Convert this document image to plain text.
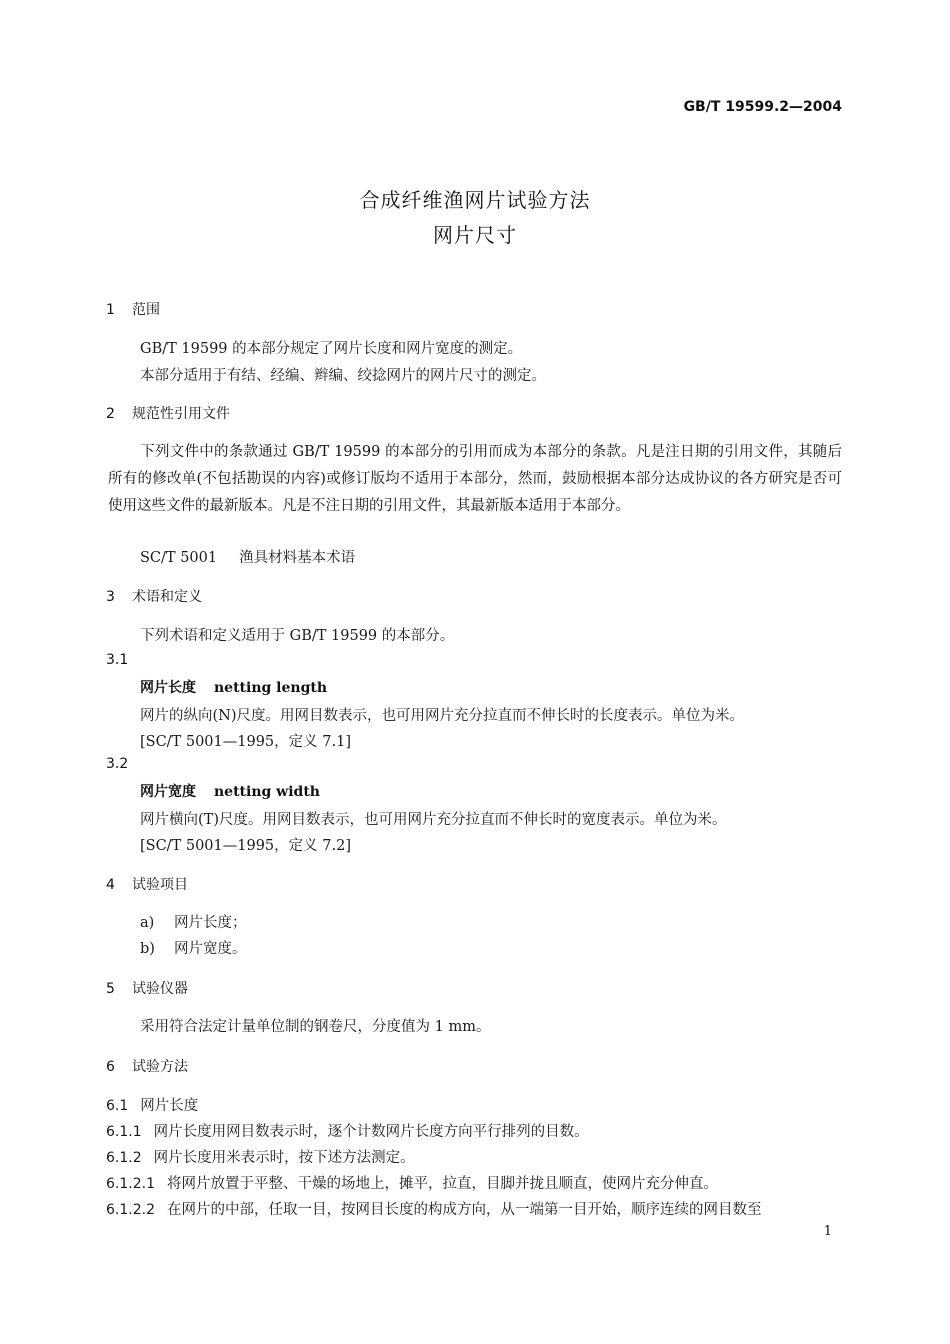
GB/T 19599.2—2004
合成纤维渔网片试验方法
网片尺寸
1 范围
GB/T 19599 的本部分规定了网片长度和网片宽度的测定。
本部分适用于有结、经编、辫编、绞捻网片的网片尺寸的测定。
2 规范性引用文件
下列文件中的条款通过 GB/T 19599 的本部分的引用而成为本部分的条款。凡是注日期的引用文件，其随后所有的修改单(不包括勘误的内容)或修订版均不适用于本部分，然而，鼓励根据本部分达成协议的各方研究是否可使用这些文件的最新版本。凡是不注日期的引用文件，其最新版本适用于本部分。
SC/T 5001 渔具材料基本术语
3 术语和定义
下列术语和定义适用于 GB/T 19599 的本部分。
3.1
网片长度 netting length
网片的纵向(N)尺度。用网目数表示，也可用网片充分拉直而不伸长时的长度表示。单位为米。
[SC/T 5001—1995，定义 7.1]
3.2
网片宽度 netting width
网片横向(T)尺度。用网目数表示，也可用网片充分拉直而不伸长时的宽度表示。单位为米。
[SC/T 5001—1995，定义 7.2]
4 试验项目
a) 网片长度；
b) 网片宽度。
5 试验仪器
采用符合法定计量单位制的钢卷尺，分度值为 1 mm。
6 试验方法
6.1 网片长度
6.1.1 网片长度用网目数表示时，逐个计数网片长度方向平行排列的目数。
6.1.2 网片长度用米表示时，按下述方法测定。
6.1.2.1 将网片放置于平整、干燥的场地上，摊平，拉直，目脚并拢且顺直，使网片充分伸直。
6.1.2.2 在网片的中部，任取一目，按网目长度的构成方向，从一端第一目开始，顺序连续的网目数至
1
